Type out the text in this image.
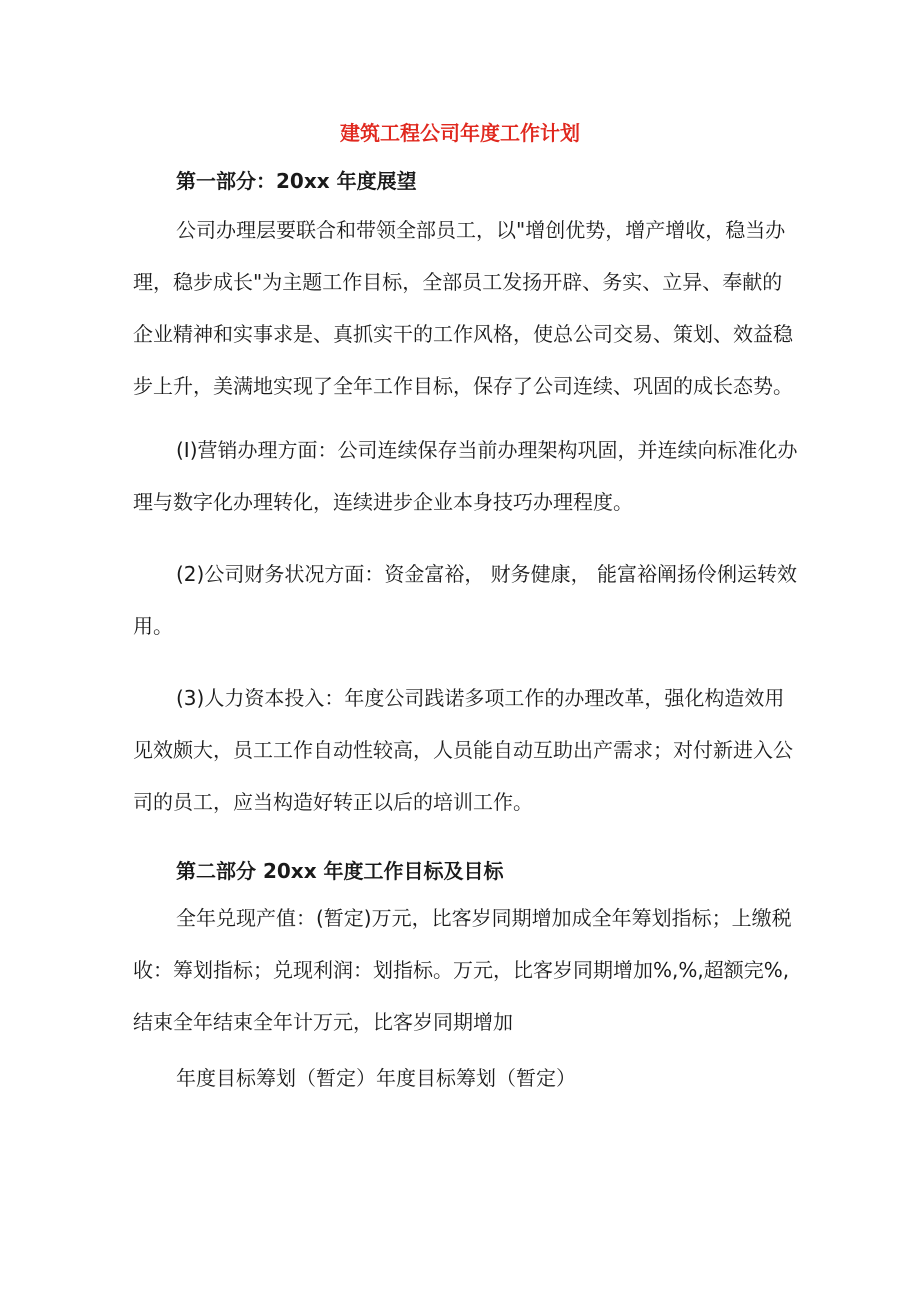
建筑工程公司年度工作计划
第一部分：20xx 年度展望
公司办理层要联合和带领全部员工，以"增创优势，增产增收，稳当办
理，稳步成长"为主题工作目标，全部员工发扬开辟、务实、立异、奉献的
企业精神和实事求是、真抓实干的工作风格，使总公司交易、策划、效益稳
步上升，美满地实现了全年工作目标，保存了公司连续、巩固的成长态势。
(I)营销办理方面：公司连续保存当前办理架构巩固，并连续向标准化办
理与数字化办理转化，连续进步企业本身技巧办理程度。
(2)公司财务状况方面：资金富裕， 财务健康， 能富裕阐扬伶俐运转效
用。
(3)人力资本投入：年度公司践诺多项工作的办理改革，强化构造效用
见效颇大，员工工作自动性较高，人员能自动互助出产需求；对付新进入公
司的员工，应当构造好转正以后的培训工作。
第二部分 20xx 年度工作目标及目标
全年兑现产值：(暂定)万元，比客岁同期增加成全年筹划指标；上缴税
收：筹划指标；兑现利润：划指标。万元，比客岁同期增加%,%,超额完%,
结束全年结束全年计万元，比客岁同期增加
年度目标筹划（暂定）年度目标筹划（暂定）
